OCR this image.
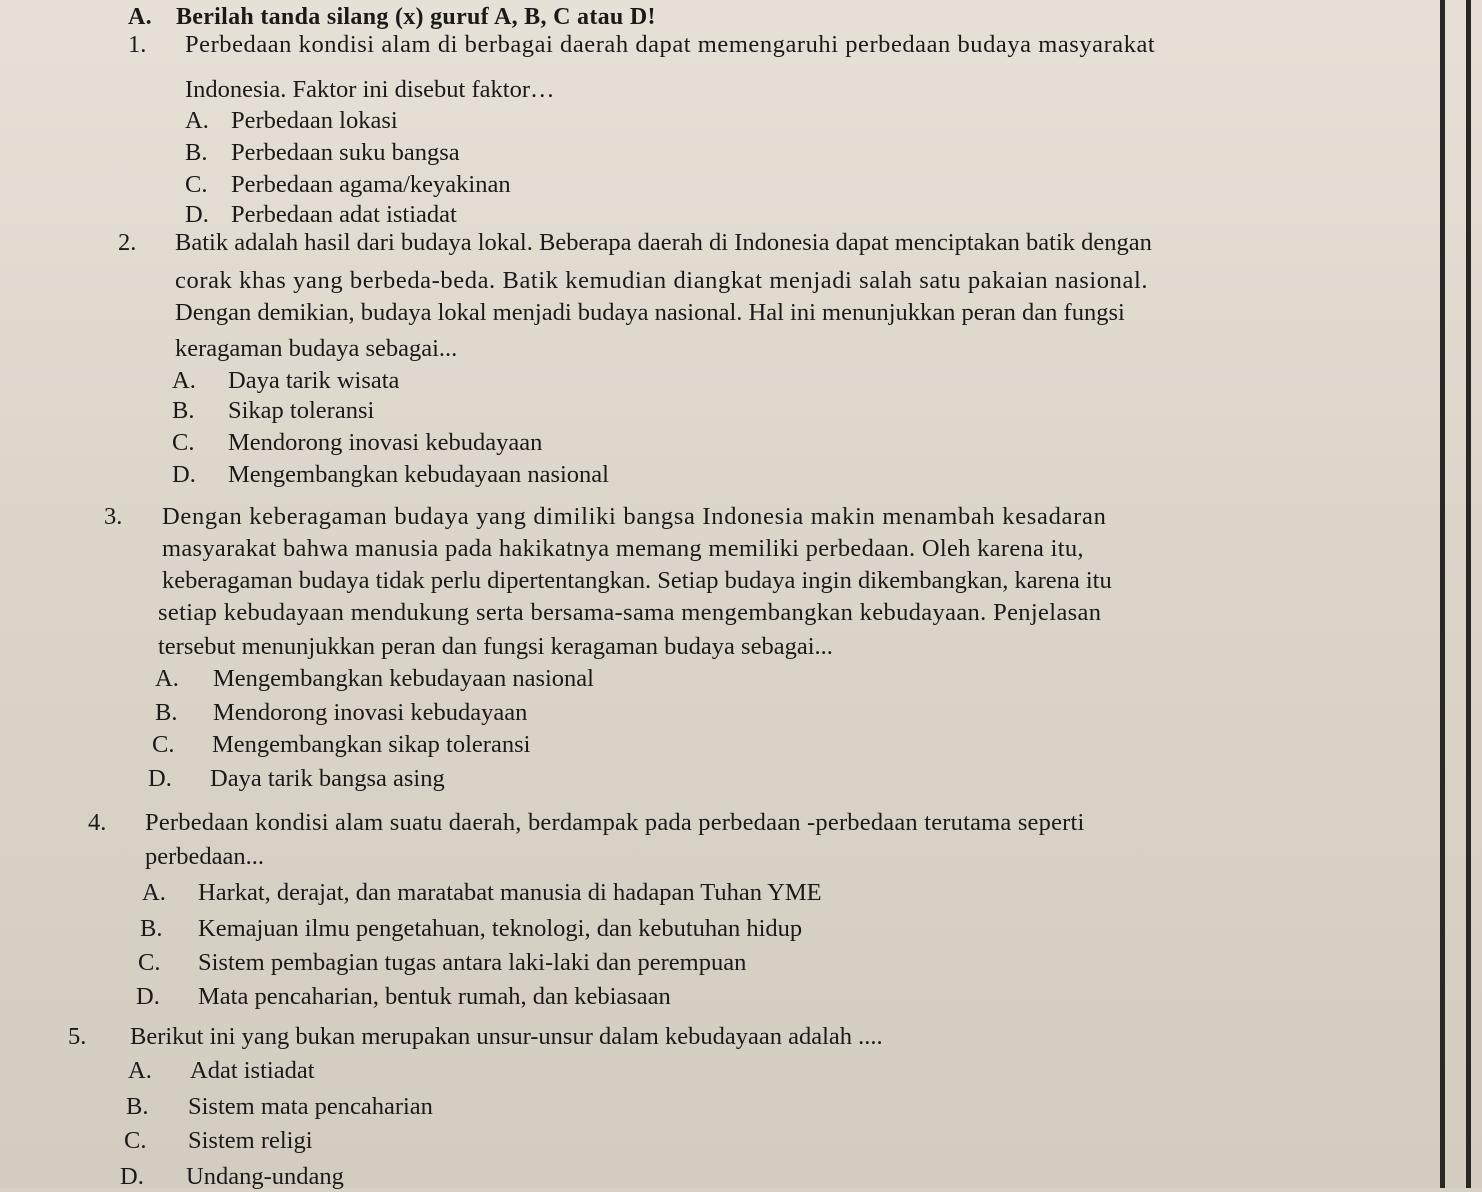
A. Berilah tanda silang (x) guruf A, B, C atau D!
1. Perbedaan kondisi alam di berbagai daerah dapat memengaruhi perbedaan budaya masyarakat
Indonesia. Faktor ini disebut faktor…
A. Perbedaan lokasi
B. Perbedaan suku bangsa
C. Perbedaan agama/keyakinan
D. Perbedaan adat istiadat
2. Batik adalah hasil dari budaya lokal. Beberapa daerah di Indonesia dapat menciptakan batik dengan
corak khas yang berbeda-beda. Batik kemudian diangkat menjadi salah satu pakaian nasional.
Dengan demikian, budaya lokal menjadi budaya nasional. Hal ini menunjukkan peran dan fungsi
keragaman budaya sebagai...
A. Daya tarik wisata
B. Sikap toleransi
C. Mendorong inovasi kebudayaan
D. Mengembangkan kebudayaan nasional
3. Dengan keberagaman budaya yang dimiliki bangsa Indonesia makin menambah kesadaran
masyarakat bahwa manusia pada hakikatnya memang memiliki perbedaan. Oleh karena itu,
keberagaman budaya tidak perlu dipertentangkan. Setiap budaya ingin dikembangkan, karena itu
setiap kebudayaan mendukung serta bersama-sama mengembangkan kebudayaan. Penjelasan
tersebut menunjukkan peran dan fungsi keragaman budaya sebagai...
A. Mengembangkan kebudayaan nasional
B. Mendorong inovasi kebudayaan
C. Mengembangkan sikap toleransi
D. Daya tarik bangsa asing
4. Perbedaan kondisi alam suatu daerah, berdampak pada perbedaan -perbedaan terutama seperti
perbedaan...
A. Harkat, derajat, dan maratabat manusia di hadapan Tuhan YME
B. Kemajuan ilmu pengetahuan, teknologi, dan kebutuhan hidup
C. Sistem pembagian tugas antara laki-laki dan perempuan
D. Mata pencaharian, bentuk rumah, dan kebiasaan
5. Berikut ini yang bukan merupakan unsur-unsur dalam kebudayaan adalah ....
A. Adat istiadat
B. Sistem mata pencaharian
C. Sistem religi
D. Undang-undang
